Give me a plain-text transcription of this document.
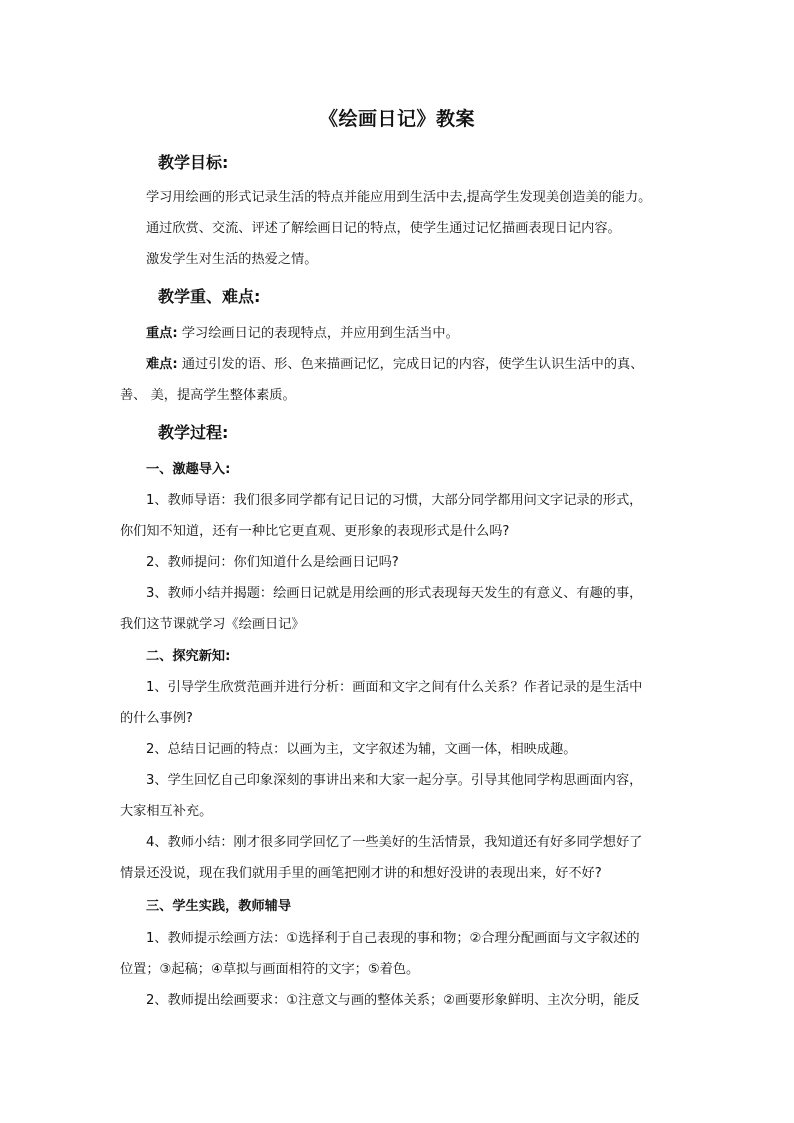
《绘画日记》教案
教学目标:
学习用绘画的形式记录生活的特点并能应用到生活中去,提高学生发现美创造美的能力。
通过欣赏、交流、评述了解绘画日记的特点，使学生通过记忆描画表现日记内容。
激发学生对生活的热爱之情。
教学重、难点:
重点: 学习绘画日记的表现特点，并应用到生活当中。
难点: 通过引发的语、形、色来描画记忆，完成日记的内容，使学生认识生活中的真、
善、 美，提高学生整体素质。
教学过程:
一、激趣导入:
1、教师导语：我们很多同学都有记日记的习惯，大部分同学都用问文字记录的形式，
你们知不知道，还有一种比它更直观、更形象的表现形式是什么吗?
2、教师提问：你们知道什么是绘画日记吗?
3、教师小结并揭题：绘画日记就是用绘画的形式表现每天发生的有意义、有趣的事，
我们这节课就学习《绘画日记》
二、探究新知:
1、引导学生欣赏范画并进行分析：画面和文字之间有什么关系？作者记录的是生活中
的什么事例?
2、总结日记画的特点：以画为主，文字叙述为辅，文画一体，相映成趣。
3、学生回忆自己印象深刻的事讲出来和大家一起分享。引导其他同学构思画面内容，
大家相互补充。
4、教师小结：刚才很多同学回忆了一些美好的生活情景，我知道还有好多同学想好了
情景还没说，现在我们就用手里的画笔把刚才讲的和想好没讲的表现出来，好不好?
三、学生实践，教师辅导
1、教师提示绘画方法：①选择利于自己表现的事和物；②合理分配画面与文字叙述的
位置；③起稿；④草拟与画面相符的文字；⑤着色。
2、教师提出绘画要求：①注意文与画的整体关系；②画要形象鲜明、主次分明，能反
